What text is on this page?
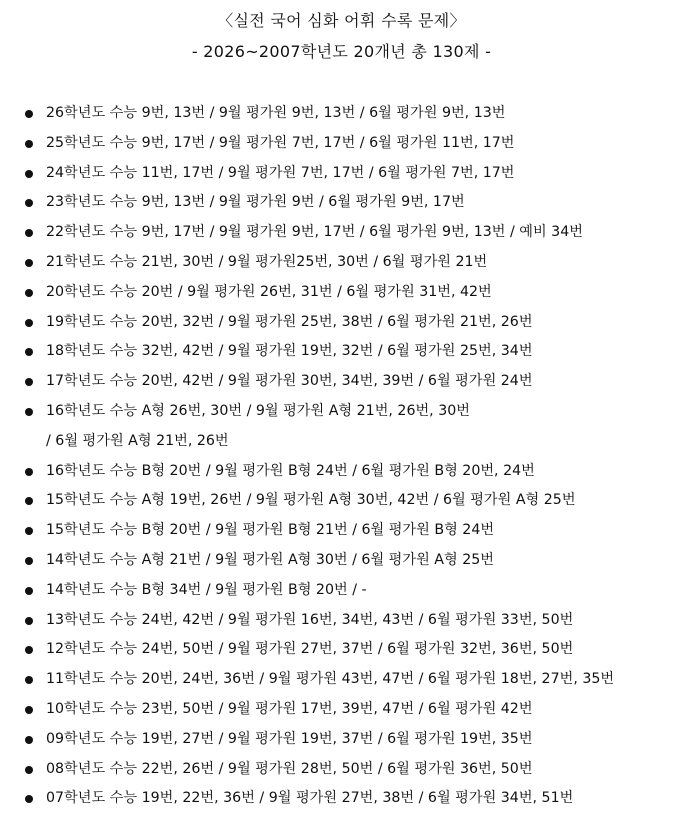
〈실전 국어 심화 어휘 수록 문제〉
- 2026~2007학년도 20개년 총 130제 -
26학년도 수능 9번, 13번 / 9월 평가원 9번, 13번 / 6월 평가원 9번, 13번
25학년도 수능 9번, 17번 / 9월 평가원 7번, 17번 / 6월 평가원 11번, 17번
24학년도 수능 11번, 17번 / 9월 평가원 7번, 17번 / 6월 평가원 7번, 17번
23학년도 수능 9번, 13번 / 9월 평가원 9번 / 6월 평가원 9번, 17번
22학년도 수능 9번, 17번 / 9월 평가원 9번, 17번 / 6월 평가원 9번, 13번 / 예비 34번
21학년도 수능 21번, 30번 / 9월 평가원25번, 30번 / 6월 평가원 21번
20학년도 수능 20번 / 9월 평가원 26번, 31번 / 6월 평가원 31번, 42번
19학년도 수능 20번, 32번 / 9월 평가원 25번, 38번 / 6월 평가원 21번, 26번
18학년도 수능 32번, 42번 / 9월 평가원 19번, 32번 / 6월 평가원 25번, 34번
17학년도 수능 20번, 42번 / 9월 평가원 30번, 34번, 39번 / 6월 평가원 24번
16학년도 수능 A형 26번, 30번 / 9월 평가원 A형 21번, 26번, 30번
/ 6월 평가원 A형 21번, 26번
16학년도 수능 B형 20번 / 9월 평가원 B형 24번 / 6월 평가원 B형 20번, 24번
15학년도 수능 A형 19번, 26번 / 9월 평가원 A형 30번, 42번 / 6월 평가원 A형 25번
15학년도 수능 B형 20번 / 9월 평가원 B형 21번 / 6월 평가원 B형 24번
14학년도 수능 A형 21번 / 9월 평가원 A형 30번 / 6월 평가원 A형 25번
14학년도 수능 B형 34번 / 9월 평가원 B형 20번 / -
13학년도 수능 24번, 42번 / 9월 평가원 16번, 34번, 43번 / 6월 평가원 33번, 50번
12학년도 수능 24번, 50번 / 9월 평가원 27번, 37번 / 6월 평가원 32번, 36번, 50번
11학년도 수능 20번, 24번, 36번 / 9월 평가원 43번, 47번 / 6월 평가원 18번, 27번, 35번
10학년도 수능 23번, 50번 / 9월 평가원 17번, 39번, 47번 / 6월 평가원 42번
09학년도 수능 19번, 27번 / 9월 평가원 19번, 37번 / 6월 평가원 19번, 35번
08학년도 수능 22번, 26번 / 9월 평가원 28번, 50번 / 6월 평가원 36번, 50번
07학년도 수능 19번, 22번, 36번 / 9월 평가원 27번, 38번 / 6월 평가원 34번, 51번
